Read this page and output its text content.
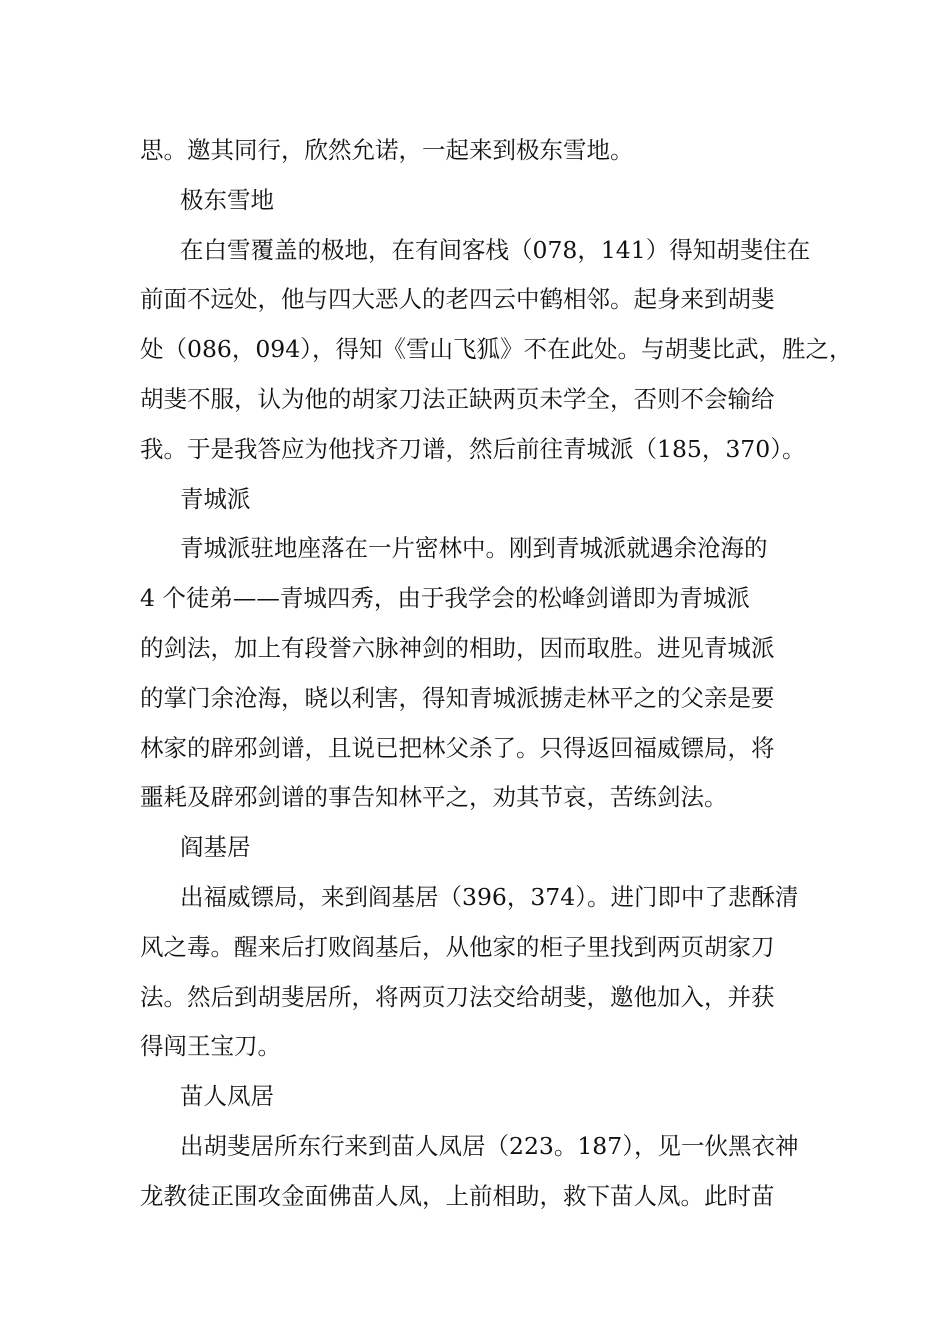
思。邀其同行，欣然允诺，一起来到极东雪地。
极东雪地
在白雪覆盖的极地，在有间客栈（078，141）得知胡斐住在
前面不远处，他与四大恶人的老四云中鹤相邻。起身来到胡斐
处（086，094），得知《雪山飞狐》不在此处。与胡斐比武，胜之，
胡斐不服，认为他的胡家刀法正缺两页未学全，否则不会输给
我。于是我答应为他找齐刀谱，然后前往青城派（185，370）。
青城派
青城派驻地座落在一片密林中。刚到青城派就遇余沧海的
4 个徒弟——青城四秀，由于我学会的松峰剑谱即为青城派
的剑法，加上有段誉六脉神剑的相助，因而取胜。进见青城派
的掌门余沧海，晓以利害，得知青城派掳走林平之的父亲是要
林家的辟邪剑谱，且说已把林父杀了。只得返回福威镖局，将
噩耗及辟邪剑谱的事告知林平之，劝其节哀，苦练剑法。
阎基居
出福威镖局，来到阎基居（396，374）。进门即中了悲酥清
风之毒。醒来后打败阎基后，从他家的柜子里找到两页胡家刀
法。然后到胡斐居所，将两页刀法交给胡斐，邀他加入，并获
得闯王宝刀。
苗人凤居
出胡斐居所东行来到苗人凤居（223。187），见一伙黑衣神
龙教徒正围攻金面佛苗人凤，上前相助，救下苗人凤。此时苗
